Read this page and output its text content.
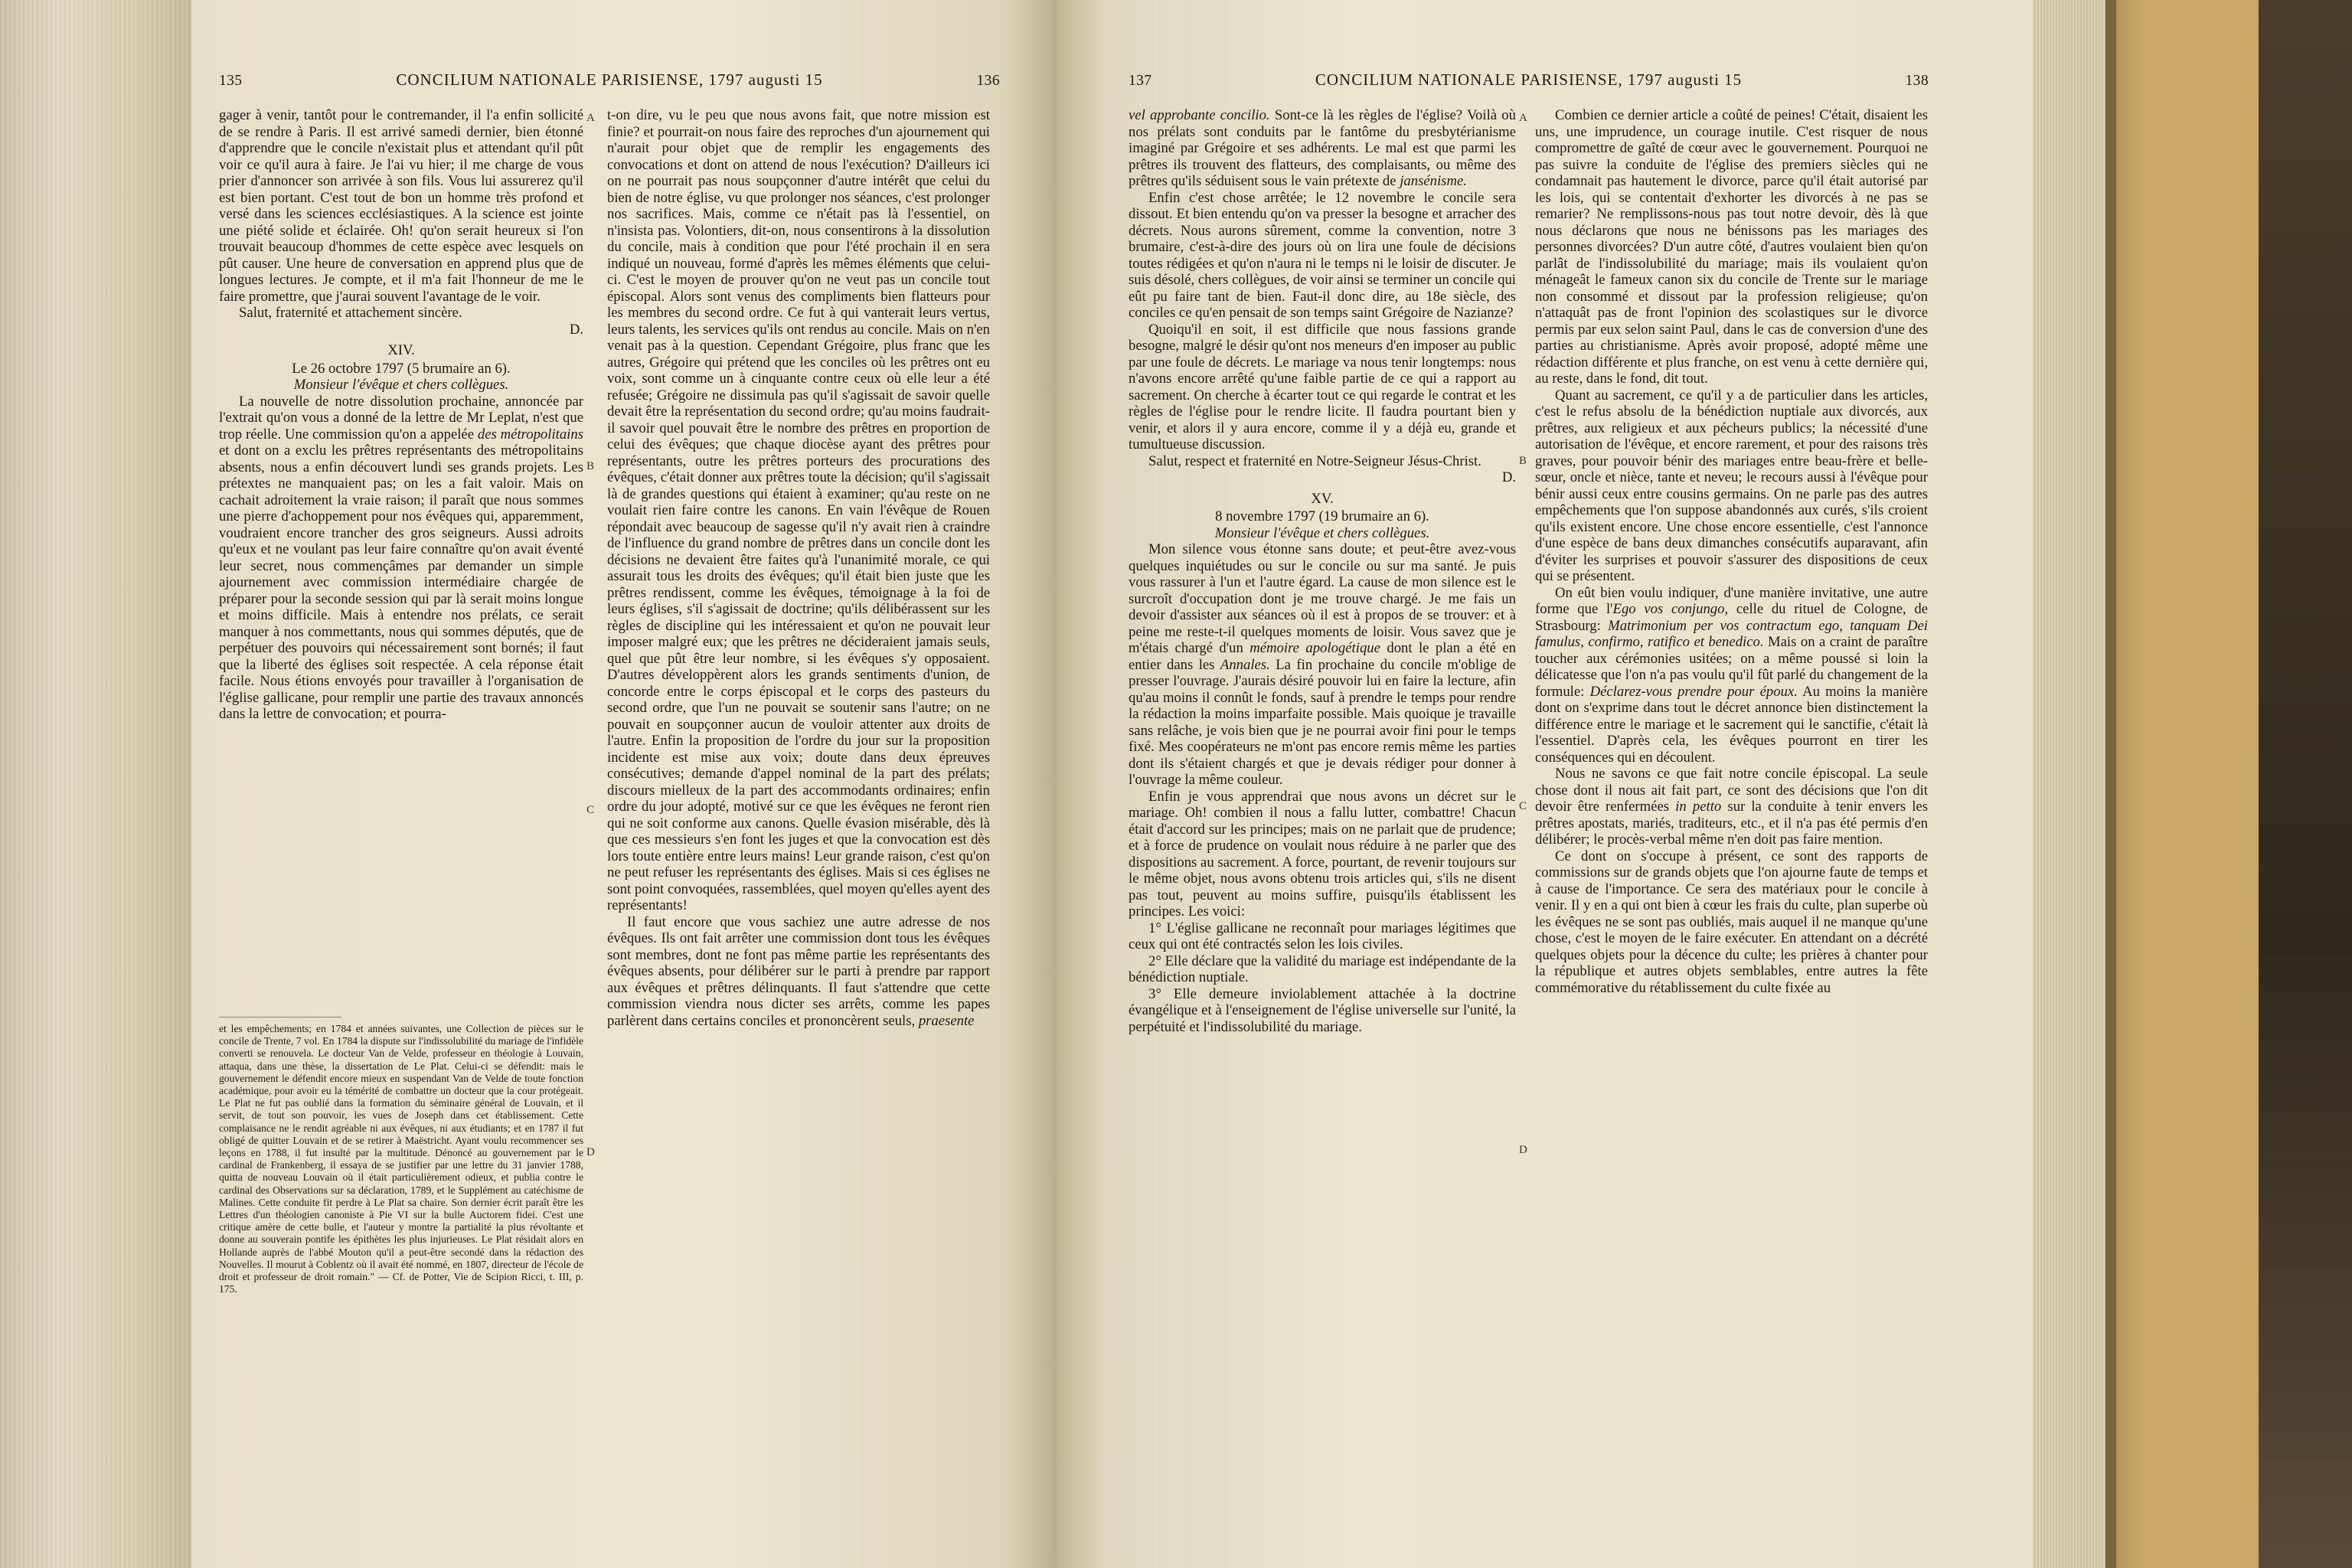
135	CONCILIUM NATIONALE PARISIENSE, 1797 augusti 15	136

gager à venir, tantôt pour le contremander, il l'a enfin sollicité de se rendre à Paris. Il est arrivé samedi dernier, bien étonné d'apprendre que le concile n'existait plus et attendant qu'il pût voir ce qu'il aura à faire. Je l'ai vu hier; il me charge de vous prier d'annoncer son arrivée à son fils. Vous lui assurerez qu'il est bien portant. C'est tout de bon un homme très profond et versé dans les sciences ecclésiastiques. A la science est jointe une piété solide et éclairée. Oh! qu'on serait heureux si l'on trouvait beaucoup d'hommes de cette espèce avec lesquels on pût causer. Une heure de conversation en apprend plus que de longues lectures. Je compte, et il m'a fait l'honneur de me le faire promettre, que j'aurai souvent l'avantage de le voir.

Salut, fraternité et attachement sincère.

D.

XIV.

Le 26 octobre 1797 (5 brumaire an 6).

Monsieur l'évêque et chers collègues.

La nouvelle de notre dissolution prochaine, annoncée par l'extrait qu'on vous a donné de la lettre de Mr Leplat, n'est que trop réelle. Une commission qu'on a appelée des métropolitains et dont on a exclu les prêtres représentants des métropolitains absents, nous a enfin découvert lundi ses grands projets. Les prétextes ne manquaient pas; on les a fait valoir. Mais on cachait adroitement la vraie raison; il paraît que nous sommes une pierre d'achoppement pour nos évêques qui, apparemment, voudraient encore trancher des gros seigneurs. Aussi adroits qu'eux et ne voulant pas leur faire connaître qu'on avait éventé leur secret, nous commençâmes par demander un simple ajournement avec commission intermédiaire chargée de préparer pour la seconde session qui par là serait moins longue et moins difficile. Mais à entendre nos prélats, ce serait manquer à nos commettants, nous qui sommes députés, que de perpétuer des pouvoirs qui nécessairement sont bornés; il faut que la liberté des églises soit respectée. A cela réponse était facile. Nous étions envoyés pour travailler à l'organisation de l'église gallicane, pour remplir une partie des travaux annoncés dans la lettre de convocation; et pourra-

et les empêchements; en 1784 et années suivantes, une Collection de pièces sur le concile de Trente, 7 vol. En 1784 la dispute sur l'indissolubilité du mariage de l'infidèle converti se renouvela. Le docteur Van de Velde, professeur en théologie à Louvain, attaqua, dans une thèse, la dissertation de Le Plat. Celui-ci se défendit: mais le gouvernement le défendit encore mieux en suspendant Van de Velde de toute fonction académique, pour avoir eu la témérité de combattre un docteur que la cour protégeait. Le Plat ne fut pas oublié dans la formation du séminaire général de Louvain, et il servit, de tout son pouvoir, les vues de Joseph dans cet établissement. Cette complaisance ne le rendit agréable ni aux évêques, ni aux étudiants; et en 1787 il fut obligé de quitter Louvain et de se retirer à Maëstricht. Ayant voulu recommencer ses leçons en 1788, il fut insulté par la multitude. Dénoncé au gouvernement par le cardinal de Frankenberg, il essaya de se justifier par une lettre du 31 janvier 1788, quitta de nouveau Louvain où il était particulièrement odieux, et publia contre le cardinal des Observations sur sa déclaration, 1789, et le Supplément au catéchisme de Malines. Cette conduite fit perdre à Le Plat sa chaire. Son dernier écrit paraît être les Lettres d'un théologien canoniste à Pie VI sur la bulle Auctorem fidei. C'est une critique amère de cette bulle, et l'auteur y montre la partialité la plus révoltante et donne au souverain pontife les épithètes les plus injurieuses. Le Plat résidait alors en Hollande auprès de l'abbé Mouton qu'il a peut-être secondé dans la rédaction des Nouvelles. Il mourut à Coblentz où il avait été nommé, en 1807, directeur de l'école de droit et professeur de droit romain." — Cf. de Potter, Vie de Scipion Ricci, t. III, p. 175.

A
B
C
D

t-on dire, vu le peu que nous avons fait, que notre mission est finie? et pourrait-on nous faire des reproches d'un ajournement qui n'aurait pour objet que de remplir les engagements des convocations et dont on attend de nous l'exécution? D'ailleurs ici on ne pourrait pas nous soupçonner d'autre intérêt que celui du bien de notre église, vu que prolonger nos séances, c'est prolonger nos sacrifices. Mais, comme ce n'était pas là l'essentiel, on n'insista pas. Volontiers, dit-on, nous consentirons à la dissolution du concile, mais à condition que pour l'été prochain il en sera indiqué un nouveau, formé d'après les mêmes éléments que celui-ci. C'est le moyen de prouver qu'on ne veut pas un concile tout épiscopal. Alors sont venus des compliments bien flatteurs pour les membres du second ordre. Ce fut à qui vanterait leurs vertus, leurs talents, les services qu'ils ont rendus au concile. Mais on n'en venait pas à la question. Cependant Grégoire, plus franc que les autres, Grégoire qui prétend que les conciles où les prêtres ont eu voix, sont comme un à cinquante contre ceux où elle leur a été refusée; Grégoire ne dissimula pas qu'il s'agissait de savoir quelle devait être la représentation du second ordre; qu'au moins faudrait-il savoir quel pouvait être le nombre des prêtres en proportion de celui des évêques; que chaque diocèse ayant des prêtres pour représentants, outre les prêtres porteurs des procurations des évêques, c'était donner aux prêtres toute la décision; qu'il s'agissait là de grandes questions qui étaient à examiner; qu'au reste on ne voulait rien faire contre les canons. En vain l'évêque de Rouen répondait avec beaucoup de sagesse qu'il n'y avait rien à craindre de l'influence du grand nombre de prêtres dans un concile dont les décisions ne devaient être faites qu'à l'unanimité morale, ce qui assurait tous les droits des évêques; qu'il était bien juste que les prêtres rendissent, comme les évêques, témoignage à la foi de leurs églises, s'il s'agissait de doctrine; qu'ils délibérassent sur les règles de discipline qui les intéressaient et qu'on ne pouvait leur imposer malgré eux; que les prêtres ne décideraient jamais seuls, quel que pût être leur nombre, si les évêques s'y opposaient. D'autres développèrent alors les grands sentiments d'union, de concorde entre le corps épiscopal et le corps des pasteurs du second ordre, que l'un ne pouvait se soutenir sans l'autre; on ne pouvait en soupçonner aucun de vouloir attenter aux droits de l'autre. Enfin la proposition de l'ordre du jour sur la proposition incidente est mise aux voix; doute dans deux épreuves consécutives; demande d'appel nominal de la part des prélats; discours mielleux de la part des accommodants ordinaires; enfin ordre du jour adopté, motivé sur ce que les évêques ne feront rien qui ne soit conforme aux canons. Quelle évasion misérable, dès là que ces messieurs s'en font les juges et que la convocation est dès lors toute entière entre leurs mains! Leur grande raison, c'est qu'on ne peut refuser les représentants des églises. Mais si ces églises ne sont point convoquées, rassemblées, quel moyen qu'elles ayent des représentants!

Il faut encore que vous sachiez une autre adresse de nos évêques. Ils ont fait arrêter une commission dont tous les évêques sont membres, dont ne font pas même partie les représentants des évêques absents, pour délibérer sur le parti à prendre par rapport aux évêques et prêtres délinquants. Il faut s'attendre que cette commission viendra nous dicter ses arrêts, comme les papes parlèrent dans certains conciles et prononcèrent seuls, praesente

137	CONCILIUM NATIONALE PARISIENSE, 1797 augusti 15	138

vel approbante concilio. Sont-ce là les règles de l'église? Voilà où nos prélats sont conduits par le fantôme du presbytérianisme imaginé par Grégoire et ses adhérents. Le mal est que parmi les prêtres ils trouvent des flatteurs, des complaisants, ou même des prêtres qu'ils séduisent sous le vain prétexte de jansénisme.

Enfin c'est chose arrêtée; le 12 novembre le concile sera dissout. Et bien entendu qu'on va presser la besogne et arracher des décrets. Nous aurons sûrement, comme la convention, notre 3 brumaire, c'est-à-dire des jours où on lira une foule de décisions toutes rédigées et qu'on n'aura ni le temps ni le loisir de discuter. Je suis désolé, chers collègues, de voir ainsi se terminer un concile qui eût pu faire tant de bien. Faut-il donc dire, au 18e siècle, des conciles ce qu'en pensait de son temps saint Grégoire de Nazianze?

Quoiqu'il en soit, il est difficile que nous fassions grande besogne, malgré le désir qu'ont nos meneurs d'en imposer au public par une foule de décrets. Le mariage va nous tenir longtemps: nous n'avons encore arrêté qu'une faible partie de ce qui a rapport au sacrement. On cherche à écarter tout ce qui regarde le contrat et les règles de l'église pour le rendre licite. Il faudra pourtant bien y venir, et alors il y aura encore, comme il y a déjà eu, grande et tumultueuse discussion.

Salut, respect et fraternité en Notre-Seigneur Jésus-Christ.

D.

XV.

8 novembre 1797 (19 brumaire an 6).

Monsieur l'évêque et chers collègues.

Mon silence vous étonne sans doute; et peut-être avez-vous quelques inquiétudes ou sur le concile ou sur ma santé. Je puis vous rassurer à l'un et l'autre égard. La cause de mon silence est le surcroît d'occupation dont je me trouve chargé. Je me fais un devoir d'assister aux séances où il est à propos de se trouver: et à peine me reste-t-il quelques moments de loisir. Vous savez que je m'étais chargé d'un mémoire apologétique dont le plan a été en entier dans les Annales. La fin prochaine du concile m'oblige de presser l'ouvrage. J'aurais désiré pouvoir lui en faire la lecture, afin qu'au moins il connût le fonds, sauf à prendre le temps pour rendre la rédaction la moins imparfaite possible. Mais quoique je travaille sans relâche, je vois bien que je ne pourrai avoir fini pour le temps fixé. Mes coopérateurs ne m'ont pas encore remis même les parties dont ils s'étaient chargés et que je devais rédiger pour donner à l'ouvrage la même couleur.

Enfin je vous apprendrai que nous avons un décret sur le mariage. Oh! combien il nous a fallu lutter, combattre! Chacun était d'accord sur les principes; mais on ne parlait que de prudence; et à force de prudence on voulait nous réduire à ne parler que des dispositions au sacrement. A force, pourtant, de revenir toujours sur le même objet, nous avons obtenu trois articles qui, s'ils ne disent pas tout, peuvent au moins suffire, puisqu'ils établissent les principes. Les voici:

1° L'église gallicane ne reconnaît pour mariages légitimes que ceux qui ont été contractés selon les lois civiles.

2° Elle déclare que la validité du mariage est indépendante de la bénédiction nuptiale.

3° Elle demeure inviolablement attachée à la doctrine évangélique et à l'enseignement de l'église universelle sur l'unité, la perpétuité et l'indissolubilité du mariage.

A
B
C
D

Combien ce dernier article a coûté de peines! C'était, disaient les uns, une imprudence, un courage inutile. C'est risquer de nous compromettre de gaîté de cœur avec le gouvernement. Pourquoi ne pas suivre la conduite de l'église des premiers siècles qui ne condamnait pas hautement le divorce, parce qu'il était autorisé par les lois, qui se contentait d'exhorter les divorcés à ne pas se remarier? Ne remplissons-nous pas tout notre devoir, dès là que nous déclarons que nous ne bénissons pas les mariages des personnes divorcées? D'un autre côté, d'autres voulaient bien qu'on parlât de l'indissolubilité du mariage; mais ils voulaient qu'on ménageât le fameux canon six du concile de Trente sur le mariage non consommé et dissout par la profession religieuse; qu'on n'attaquât pas de front l'opinion des scolastiques sur le divorce permis par eux selon saint Paul, dans le cas de conversion d'une des parties au christianisme. Après avoir proposé, adopté même une rédaction différente et plus franche, on est venu à cette dernière qui, au reste, dans le fond, dit tout.

Quant au sacrement, ce qu'il y a de particulier dans les articles, c'est le refus absolu de la bénédiction nuptiale aux divorcés, aux prêtres, aux religieux et aux pécheurs publics; la nécessité d'une autorisation de l'évêque, et encore rarement, et pour des raisons très graves, pour pouvoir bénir des mariages entre beau-frère et belle-sœur, oncle et nièce, tante et neveu; le recours aussi à l'évêque pour bénir aussi ceux entre cousins germains. On ne parle pas des autres empêchements que l'on suppose abandonnés aux curés, s'ils croient qu'ils existent encore. Une chose encore essentielle, c'est l'annonce d'une espèce de bans deux dimanches consécutifs auparavant, afin d'éviter les surprises et pouvoir s'assurer des dispositions de ceux qui se présentent.

On eût bien voulu indiquer, d'une manière invitative, une autre forme que l'Ego vos conjungo, celle du rituel de Cologne, de Strasbourg: Matrimonium per vos contractum ego, tanquam Dei famulus, confirmo, ratifico et benedico. Mais on a craint de paraître toucher aux cérémonies usitées; on a même poussé si loin la délicatesse que l'on n'a pas voulu qu'il fût parlé du changement de la formule: Déclarez-vous prendre pour époux. Au moins la manière dont on s'exprime dans tout le décret annonce bien distinctement la différence entre le mariage et le sacrement qui le sanctifie, c'était là l'essentiel. D'après cela, les évêques pourront en tirer les conséquences qui en découlent.

Nous ne savons ce que fait notre concile épiscopal. La seule chose dont il nous ait fait part, ce sont des décisions que l'on dit devoir être renfermées in petto sur la conduite à tenir envers les prêtres apostats, mariés, traditeurs, etc., et il n'a pas été permis d'en délibérer; le procès-verbal même n'en doit pas faire mention.

Ce dont on s'occupe à présent, ce sont des rapports de commissions sur de grands objets que l'on ajourne faute de temps et à cause de l'importance. Ce sera des matériaux pour le concile à venir. Il y en a qui ont bien à cœur les frais du culte, plan superbe où les évêques ne se sont pas oubliés, mais auquel il ne manque qu'une chose, c'est le moyen de le faire exécuter. En attendant on a décrété quelques objets pour la décence du culte; les prières à chanter pour la république et autres objets semblables, entre autres la fête commémorative du rétablissement du culte fixée au
